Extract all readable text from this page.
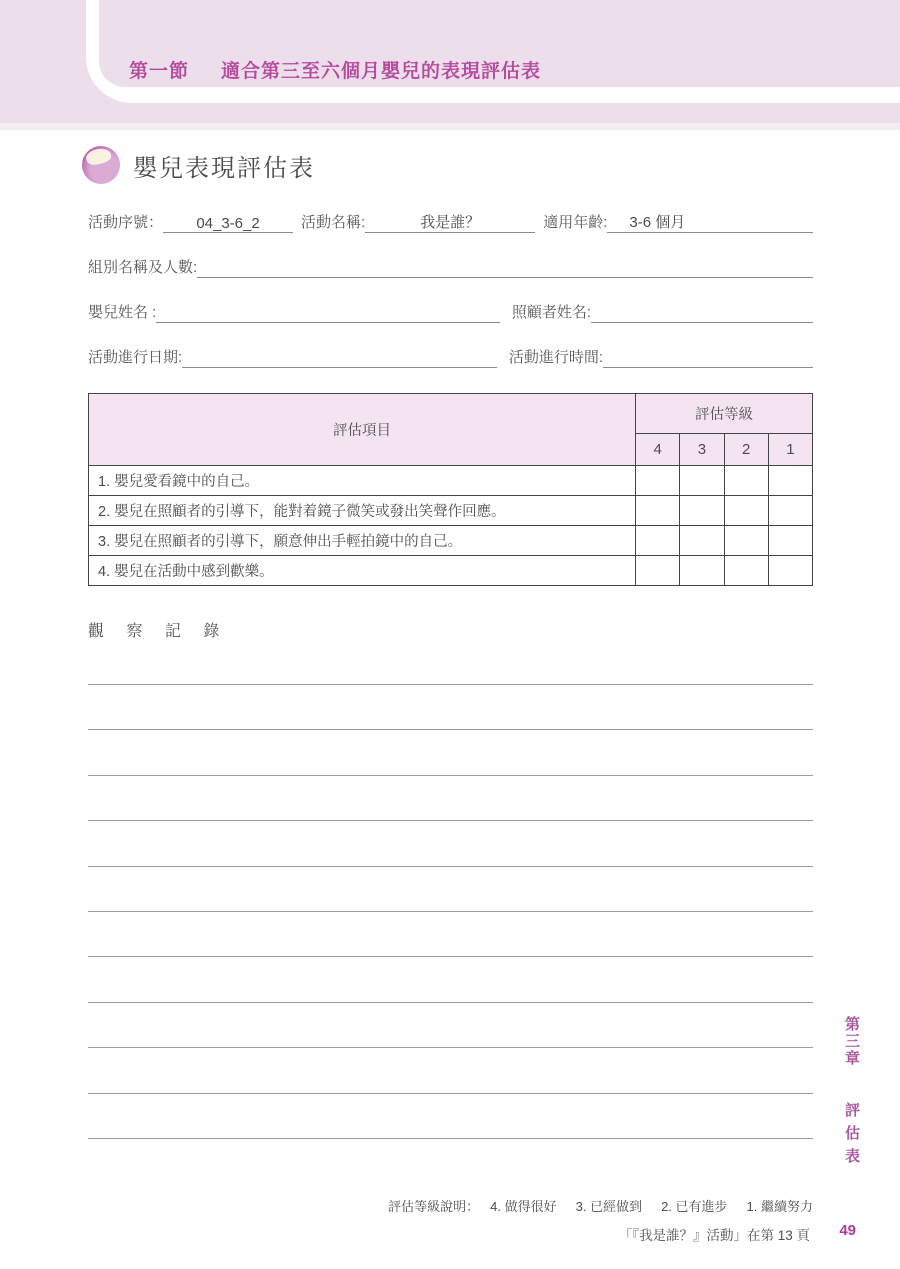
第一節 適合第三至六個月嬰兒的表現評估表
嬰兒表現評估表
活動序號：	04_3-6_2	活動名稱:	我是誰？	適用年齡:	3-6 個月
組別名稱及人數:
嬰兒姓名 :	照顧者姓名:
活動進行日期:	活動進行時間:
評估項目	評估等級			
	4	3	2	1
1. 嬰兒愛看鏡中的自己。				
2. 嬰兒在照顧者的引導下，能對着鏡子微笑或發出笑聲作回應。				
3. 嬰兒在照顧者的引導下，願意伸出手輕拍鏡中的自己。				
4. 嬰兒在活動中感到歡樂。				
觀 察 記 錄
第三章 評估表
評估等級說明： 4. 做得很好 3. 已經做到 2. 已有進步 1. 繼續努力
「『我是誰？』活動」在第 13 頁 49
